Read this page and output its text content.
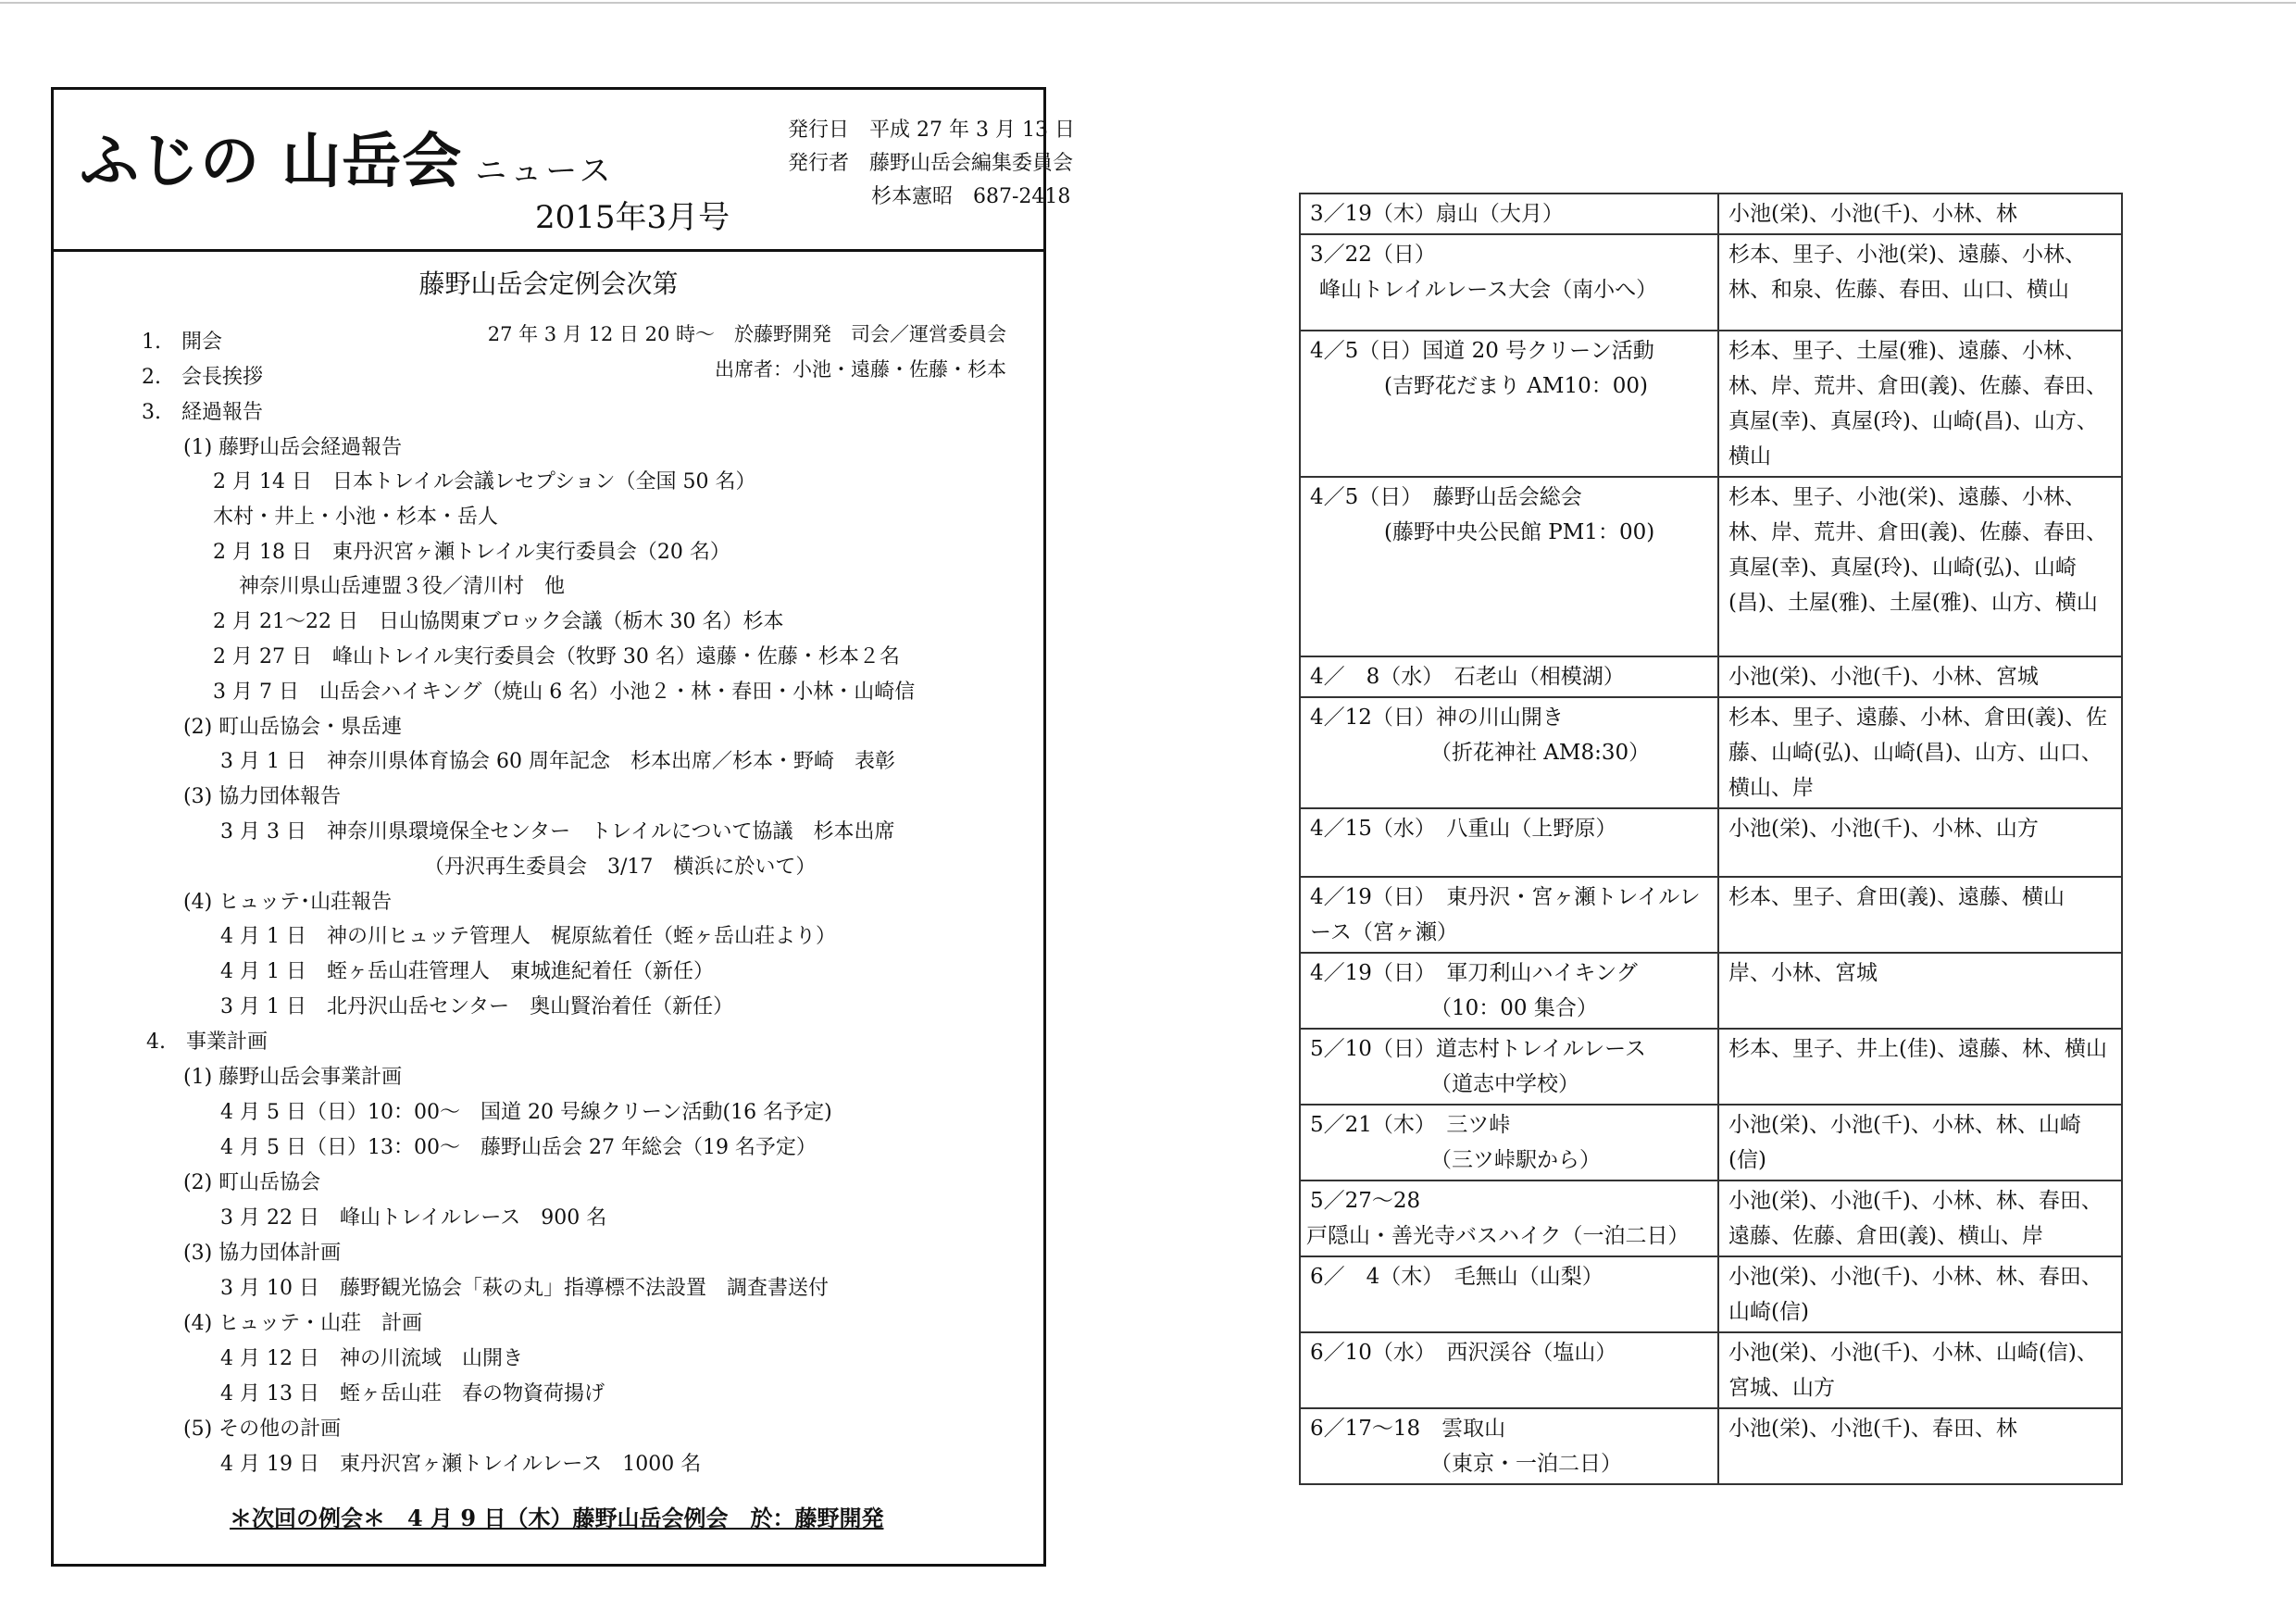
ふじの 山岳会 ニュース
2015年3月号
発行日　平成 27 年 3 月 13 日
発行者　藤野山岳会編集委員会
杉本憲昭　687-2418
藤野山岳会定例会次第
27 年 3 月 12 日 20 時～　於藤野開発　司会／運営委員会
出席者：小池・遠藤・佐藤・杉本
1.　開会
2.　会長挨拶
3.　経過報告
(1) 藤野山岳会経過報告
2 月 14 日　日本トレイル会議レセプション（全国 50 名）
木村・井上・小池・杉本・岳人
2 月 18 日　東丹沢宮ヶ瀬トレイル実行委員会（20 名）
神奈川県山岳連盟３役／清川村　他
2 月 21～22 日　日山協関東ブロック会議（栃木 30 名）杉本
2 月 27 日　峰山トレイル実行委員会（牧野 30 名）遠藤・佐藤・杉本２名
3 月 7 日　山岳会ハイキング（焼山 6 名）小池２・林・春田・小林・山崎信
(2) 町山岳協会・県岳連
3 月 1 日　神奈川県体育協会 60 周年記念　杉本出席／杉本・野崎　表彰
(3) 協力団体報告
3 月 3 日　神奈川県環境保全センター　トレイルについて協議　杉本出席
（丹沢再生委員会　3/17　横浜に於いて）
(4) ヒュッテ･山荘報告
4 月 1 日　神の川ヒュッテ管理人　梶原紘着任（蛭ヶ岳山荘より）
4 月 1 日　蛭ヶ岳山荘管理人　東城進紀着任（新任）
3 月 1 日　北丹沢山岳センター　奥山賢治着任（新任）
4.　事業計画
(1) 藤野山岳会事業計画
4 月 5 日（日）10：00～　国道 20 号線クリーン活動(16 名予定)
4 月 5 日（日）13：00～　藤野山岳会 27 年総会（19 名予定）
(2) 町山岳協会
3 月 22 日　峰山トレイルレース　900 名
(3) 協力団体計画
3 月 10 日　藤野観光協会「萩の丸」指導標不法設置　調査書送付
(4) ヒュッテ・山荘　計画
4 月 12 日　神の川流域　山開き
4 月 13 日　蛭ヶ岳山荘　春の物資荷揚げ
(5) その他の計画
4 月 19 日　東丹沢宮ヶ瀬トレイルレース　1000 名
＊次回の例会＊　4 月 9 日（木）藤野山岳会例会　於：藤野開発
3／19（木）扇山（大月）	小池(栄)、小池(千)、小林、林

3／22（日）
峰山トレイルレース大会（南小へ）	杉本、里子、小池(栄)、遠藤、小林、林、和泉、佐藤、春田、山口、横山

4／5（日）国道 20 号クリーン活動
(吉野花だまり AM10：00)	杉本、里子、土屋(雅)、遠藤、小林、林、岸、荒井、倉田(義)、佐藤、春田、真屋(幸)、真屋(玲)、山崎(昌)、山方、横山

4／5（日）　藤野山岳会総会
(藤野中央公民館 PM1：00)	杉本、里子、小池(栄)、遠藤、小林、林、岸、荒井、倉田(義)、佐藤、春田、真屋(幸)、真屋(玲)、山崎(弘)、山崎(昌)、土屋(雅)、土屋(雅)、山方、横山

4／　8（水）　石老山（相模湖）	小池(栄)、小池(千)、小林、宮城

4／12（日）神の川山開き
（折花神社 AM8:30）	杉本、里子、遠藤、小林、倉田(義)、佐藤、山崎(弘)、山崎(昌)、山方、山口、横山、岸

4／15（水）　八重山（上野原）	小池(栄)、小池(千)、小林、山方

4／19（日）　東丹沢・宮ヶ瀬トレイルレース（宮ヶ瀬）	杉本、里子、倉田(義)、遠藤、横山

4／19（日）　軍刀利山ハイキング
（10：00 集合）	岸、小林、宮城

5／10（日）道志村トレイルレース
（道志中学校）	杉本、里子、井上(佳)、遠藤、林、横山

5／21（木）　三ツ峠
（三ツ峠駅から）	小池(栄)、小池(千)、小林、林、山崎(信)

5／27～28
戸隠山・善光寺バスハイク（一泊二日）	小池(栄)、小池(千)、小林、林、春田、遠藤、佐藤、倉田(義)、横山、岸

6／　4（木）　毛無山（山梨）	小池(栄)、小池(千)、小林、林、春田、山崎(信)

6／10（水）　西沢渓谷（塩山）	小池(栄)、小池(千)、小林、山崎(信)、宮城、山方

6／17～18　雲取山
（東京・一泊二日）	小池(栄)、小池(千)、春田、林
